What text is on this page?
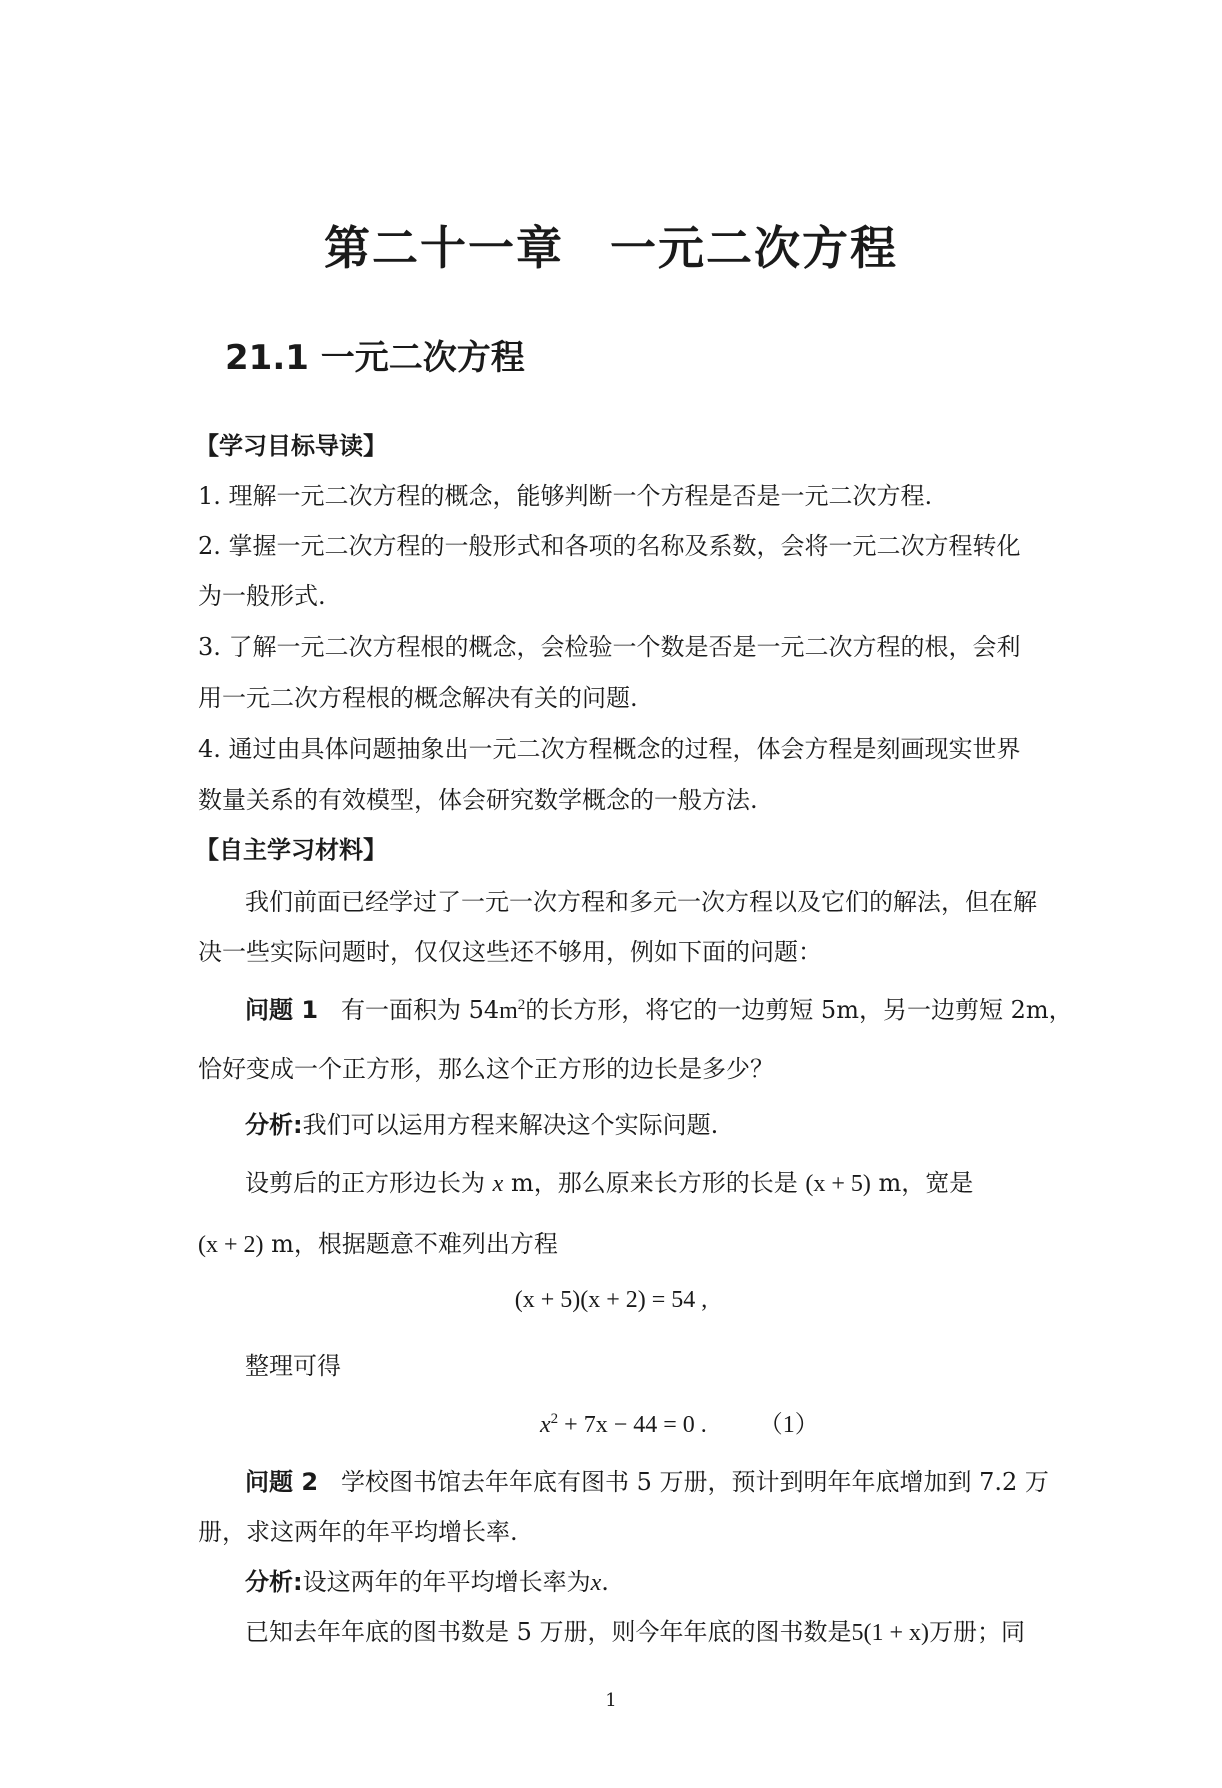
第二十一章 一元二次方程
21.1 一元二次方程
【学习目标导读】
1. 理解一元二次方程的概念，能够判断一个方程是否是一元二次方程.
2. 掌握一元二次方程的一般形式和各项的名称及系数，会将一元二次方程转化
为一般形式.
3. 了解一元二次方程根的概念，会检验一个数是否是一元二次方程的根，会利
用一元二次方程根的概念解决有关的问题.
4. 通过由具体问题抽象出一元二次方程概念的过程，体会方程是刻画现实世界
数量关系的有效模型，体会研究数学概念的一般方法.
【自主学习材料】
我们前面已经学过了一元一次方程和多元一次方程以及它们的解法，但在解
决一些实际问题时，仅仅这些还不够用，例如下面的问题：
问题 1 有一面积为 $54m^2$的长方形，将它的一边剪短 5m，另一边剪短 2m，
恰好变成一个正方形，那么这个正方形的边长是多少？
分析:我们可以运用方程来解决这个实际问题.
设剪后的正方形边长为 x m，那么原来长方形的长是 (x + 5) m，宽是
(x + 2) m，根据题意不难列出方程
(x + 5)(x + 2) = 54 ,
整理可得
$x^2 + 7x - 44 = 0$ . （1）
问题 2 学校图书馆去年年底有图书 5 万册，预计到明年年底增加到 7.2 万
册，求这两年的年平均增长率.
分析:设这两年的年平均增长率为x.
已知去年年底的图书数是 5 万册，则今年年底的图书数是5(1 + x)万册；同
1
